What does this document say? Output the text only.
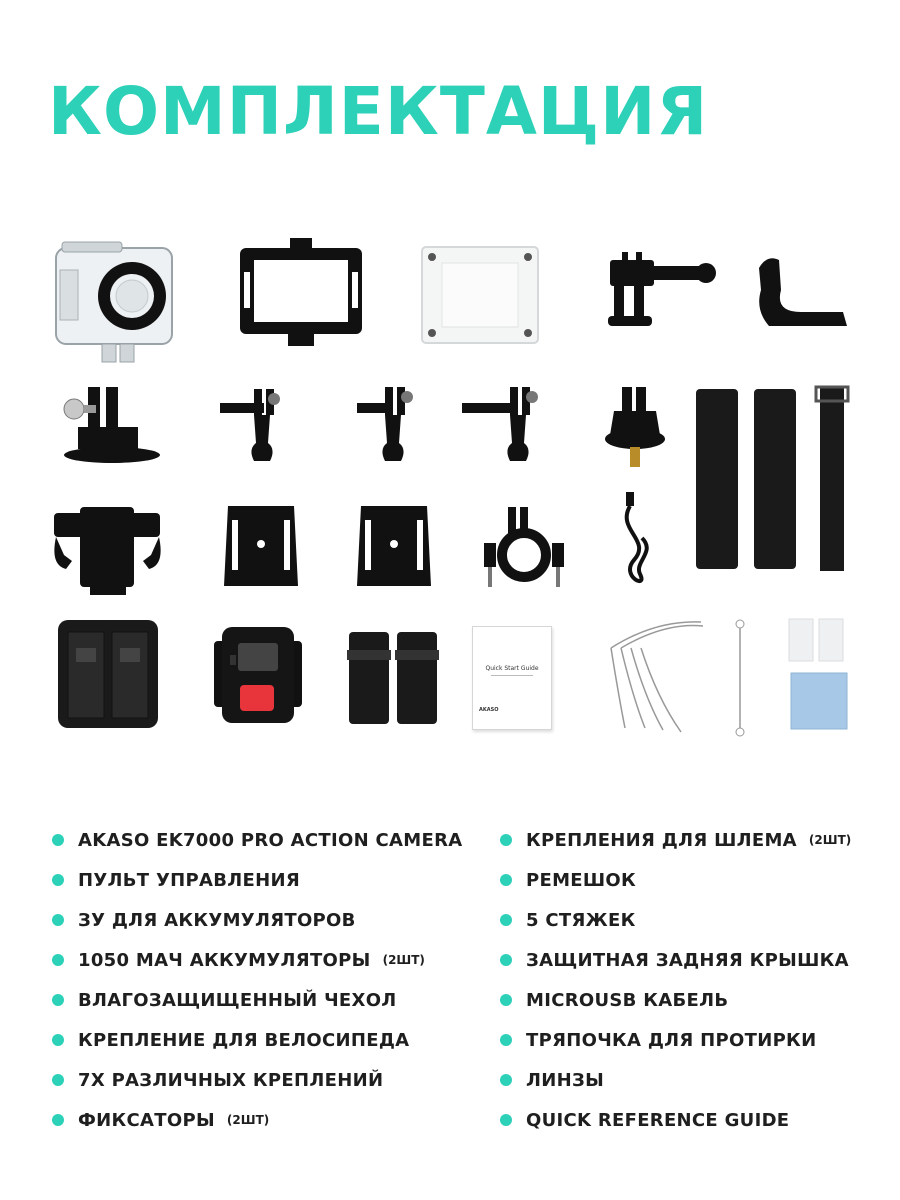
КОМПЛЕКТАЦИЯ
Quick Start Guide
AKASO
AKASO EK7000 PRO ACTION CAMERA
ПУЛЬТ УПРАВЛЕНИЯ
ЗУ ДЛЯ АККУМУЛЯТОРОВ
1050 МАЧ АККУМУЛЯТОРЫ (2ШТ)
ВЛАГОЗАЩИЩЕННЫЙ ЧЕХОЛ
КРЕПЛЕНИЕ ДЛЯ ВЕЛОСИПЕДА
7Х РАЗЛИЧНЫХ КРЕПЛЕНИЙ
ФИКСАТОРЫ (2ШТ)
КРЕПЛЕНИЯ ДЛЯ ШЛЕМА (2ШТ)
РЕМЕШОК
5 СТЯЖЕК
ЗАЩИТНАЯ ЗАДНЯЯ КРЫШКА
MICROUSB КАБЕЛЬ
ТРЯПОЧКА ДЛЯ ПРОТИРКИ
ЛИНЗЫ
QUICK REFERENCE GUIDE
